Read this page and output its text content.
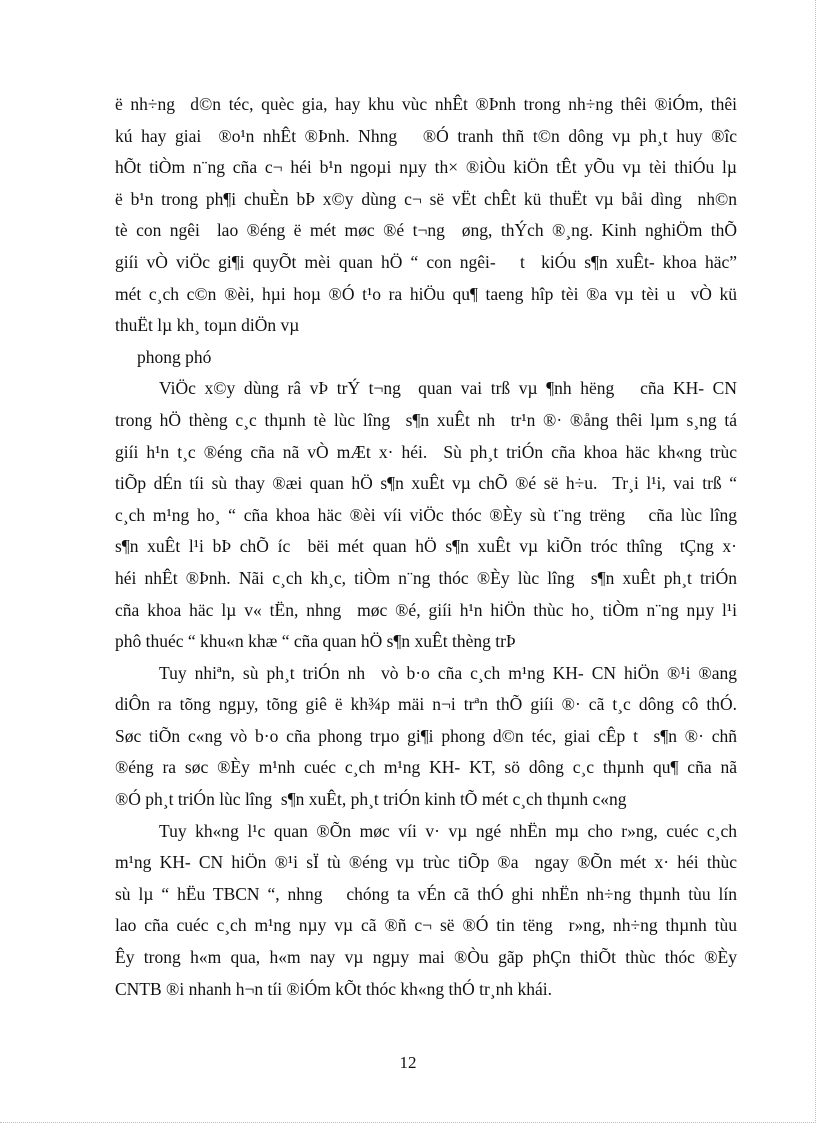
ë nh÷ng  d©n téc, quèc gia, hay khu vùc nhÊt ®Þnh trong nh÷ng thêi ®iÓm, thêi
kú hay giai  ®o¹n nhÊt ®Þnh. Nhng   ®Ó tranh thñ t©n dông vµ ph¸t huy ®îc
hÕt tiÒm n¨ng cña c¬ héi b¹n ngoµi nµy th× ®iÒu kiÖn tÊt yÕu vµ tèi thiÓu lµ
ë b¹n trong ph¶i chuÈn bÞ x©y dùng c¬ së vËt chÊt kü thuËt vµ båi dìng  nh©n
tè con ngêi  lao ®éng ë mét møc ®é t¬ng  øng, thÝch ®¸ng. Kinh nghiÖm thÕ
giíi vÒ viÖc gi¶i quyÕt mèi quan hÖ “ con ngêi-   t  kiÓu s¶n xuÊt- khoa häc”
mét c¸ch c©n ®èi, hµi hoµ ®Ó t¹o ra hiÖu qu¶ taeng hîp tèi ®a vµ tèi u  vÒ kü
thuËt lµ kh¸ toµn diÖn vµ
phong phó
ViÖc x©y dùng râ vÞ trÝ t¬ng  quan vai trß vµ ¶nh hëng   cña KH- CN
trong hÖ thèng c¸c thµnh tè lùc lîng  s¶n xuÊt nh  tr¹n ®· ®ång thêi lµm s¸ng tá
giíi h¹n t¸c ®éng cña nã vÒ mÆt x· héi.  Sù ph¸t triÓn cña khoa häc kh«ng trùc
tiÕp dÉn tíi sù thay ®æi quan hÖ s¶n xuÊt vµ chÕ ®é së h÷u.  Tr¸i l¹i, vai trß “
c¸ch m¹ng ho¸ “ cña khoa häc ®èi víi viÖc thóc ®Èy sù t¨ng trëng   cña lùc lîng
s¶n xuÊt l¹i bÞ chÕ íc  bëi mét quan hÖ s¶n xuÊt vµ kiÕn tróc thîng  tÇng x·
héi nhÊt ®Þnh. Nãi c¸ch kh¸c, tiÒm n¨ng thóc ®Èy lùc lîng  s¶n xuÊt ph¸t triÓn
cña khoa häc lµ v« tËn, nhng  møc ®é, giíi h¹n hiÖn thùc ho¸ tiÒm n¨ng nµy l¹i
phô thuéc “ khu«n khæ “ cña quan hÖ s¶n xuÊt thèng trÞ
Tuy nhiªn, sù ph¸t triÓn nh  vò b·o cña c¸ch m¹ng KH- CN hiÖn ®¹i ®ang
diÔn ra tõng ngµy, tõng giê ë kh¾p mäi n¬i trªn thÕ giíi ®· cã t¸c dông cô thÓ.
Søc tiÕn c«ng vò b·o cña phong trµo gi¶i phong d©n téc, giai cÊp t  s¶n ®· chñ
®éng ra søc ®Èy m¹nh cuéc c¸ch m¹ng KH- KT, sö dông c¸c thµnh qu¶ cña nã
®Ó ph¸t triÓn lùc lîng  s¶n xuÊt, ph¸t triÓn kinh tÕ mét c¸ch thµnh c«ng
Tuy kh«ng l¹c quan ®Õn møc víi v· vµ ngé nhËn mµ cho r»ng, cuéc c¸ch
m¹ng KH- CN hiÖn ®¹i sÏ tù ®éng vµ trùc tiÕp ®a  ngay ®Õn mét x· héi thùc
sù lµ “ hËu TBCN “, nhng   chóng ta vÉn cã thÓ ghi nhËn nh÷ng thµnh tùu lín
lao cña cuéc c¸ch m¹ng nµy vµ cã ®ñ c¬ së ®Ó tin tëng  r»ng, nh÷ng thµnh tùu
Êy trong h«m qua, h«m nay vµ ngµy mai ®Òu gãp phÇn thiÕt thùc thóc ®Èy
CNTB ®i nhanh h¬n tíi ®iÓm kÕt thóc kh«ng thÓ tr¸nh khái.
12
